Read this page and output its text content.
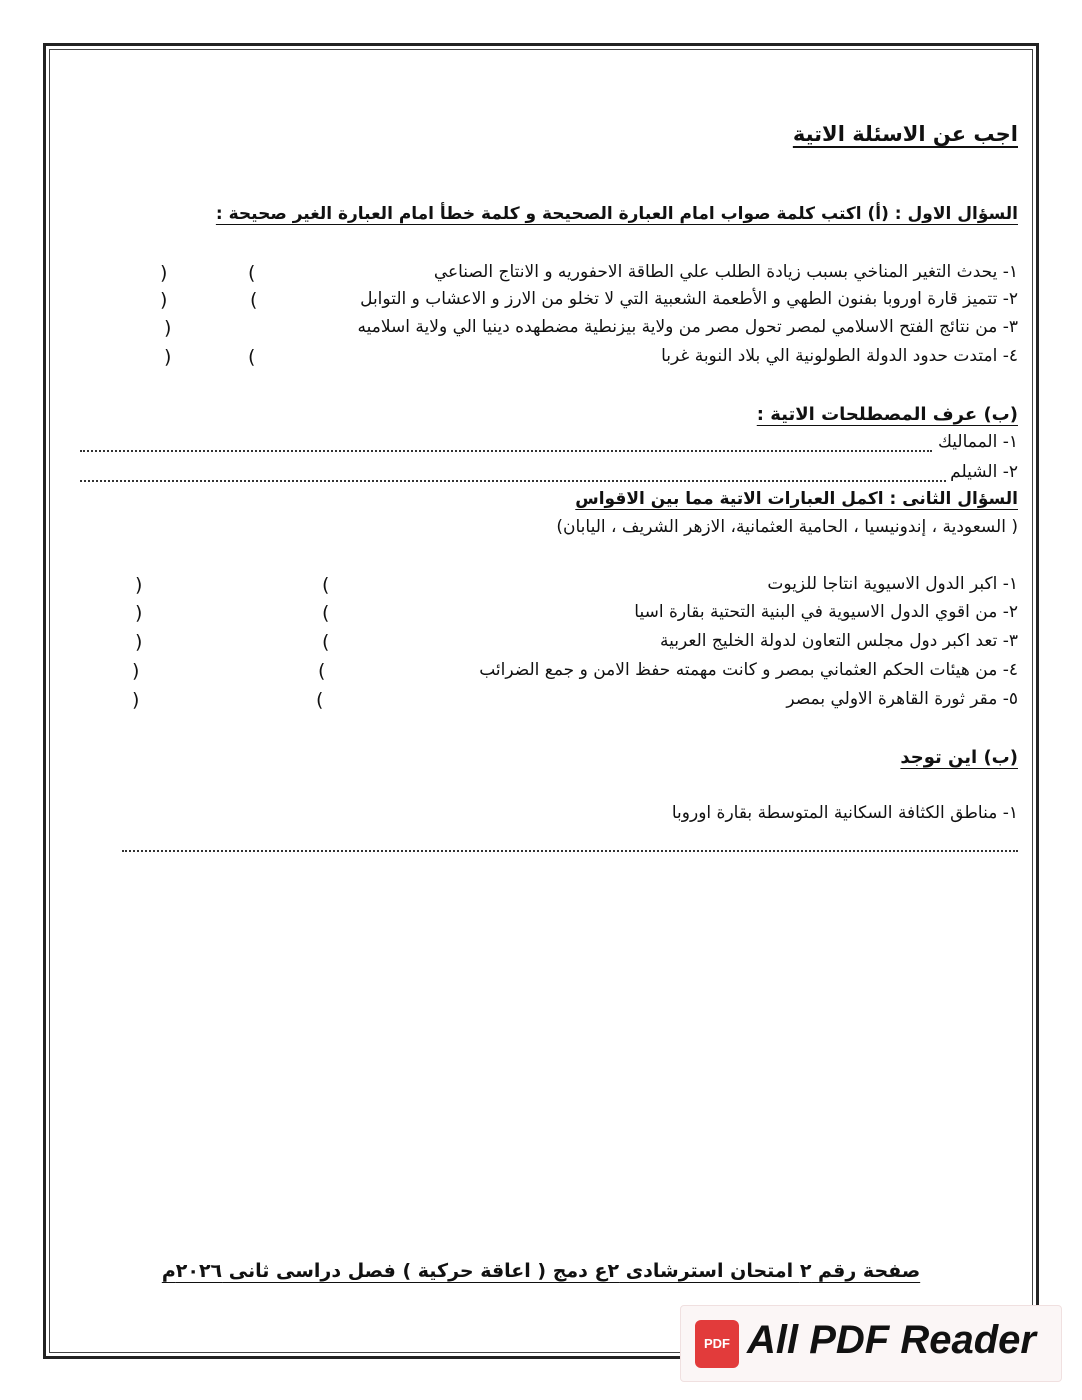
اجب عن الاسئلة الاتية
السؤال الاول : (أ) اكتب كلمة صواب امام العبارة الصحيحة و كلمة خطأ امام العبارة الغير صحيحة :
١- يحدث التغير المناخي بسبب زيادة الطلب علي الطاقة الاحفوريه و الانتاج الصناعي
)	(
٢- تتميز قارة اوروبا بفنون الطهي و الأطعمة الشعبية التي لا تخلو من الارز و الاعشاب و التوابل
)	(
٣- من نتائج الفتح الاسلامي لمصر تحول مصر من ولاية بيزنطية مضطهده دينيا الي ولاية اسلاميه
)
٤- امتدت حدود الدولة الطولونية الي بلاد النوبة غربا
)	(
(ب) عرف المصطلحات الاتية :
١- المماليك
٢- الشيلم
السؤال الثانى : اكمل العبارات الاتية مما بين الاقواس
( السعودية ، إندونيسيا ، الحامية العثمانية، الازهر الشريف ، اليابان)
١- اكبر الدول الاسيوية انتاجا للزيوت
)	(
٢- من اقوي الدول الاسيوية في البنية التحتية بقارة اسيا
)	(
٣- تعد اكبر دول مجلس التعاون لدولة الخليج العربية
)	(
٤- من هيئات الحكم العثماني بمصر و كانت مهمته حفظ الامن و جمع الضرائب
)	(
٥- مقر ثورة القاهرة الاولي بمصر
)	(
(ب) اين توجد
١- مناطق الكثافة السكانية المتوسطة بقارة اوروبا
صفحة رقم ٢ امتحان استرشادى ٢ع دمج ( اعاقة حركية ) فصل دراسى ثانى ٢٠٢٦م
PDF All PDF Reader
